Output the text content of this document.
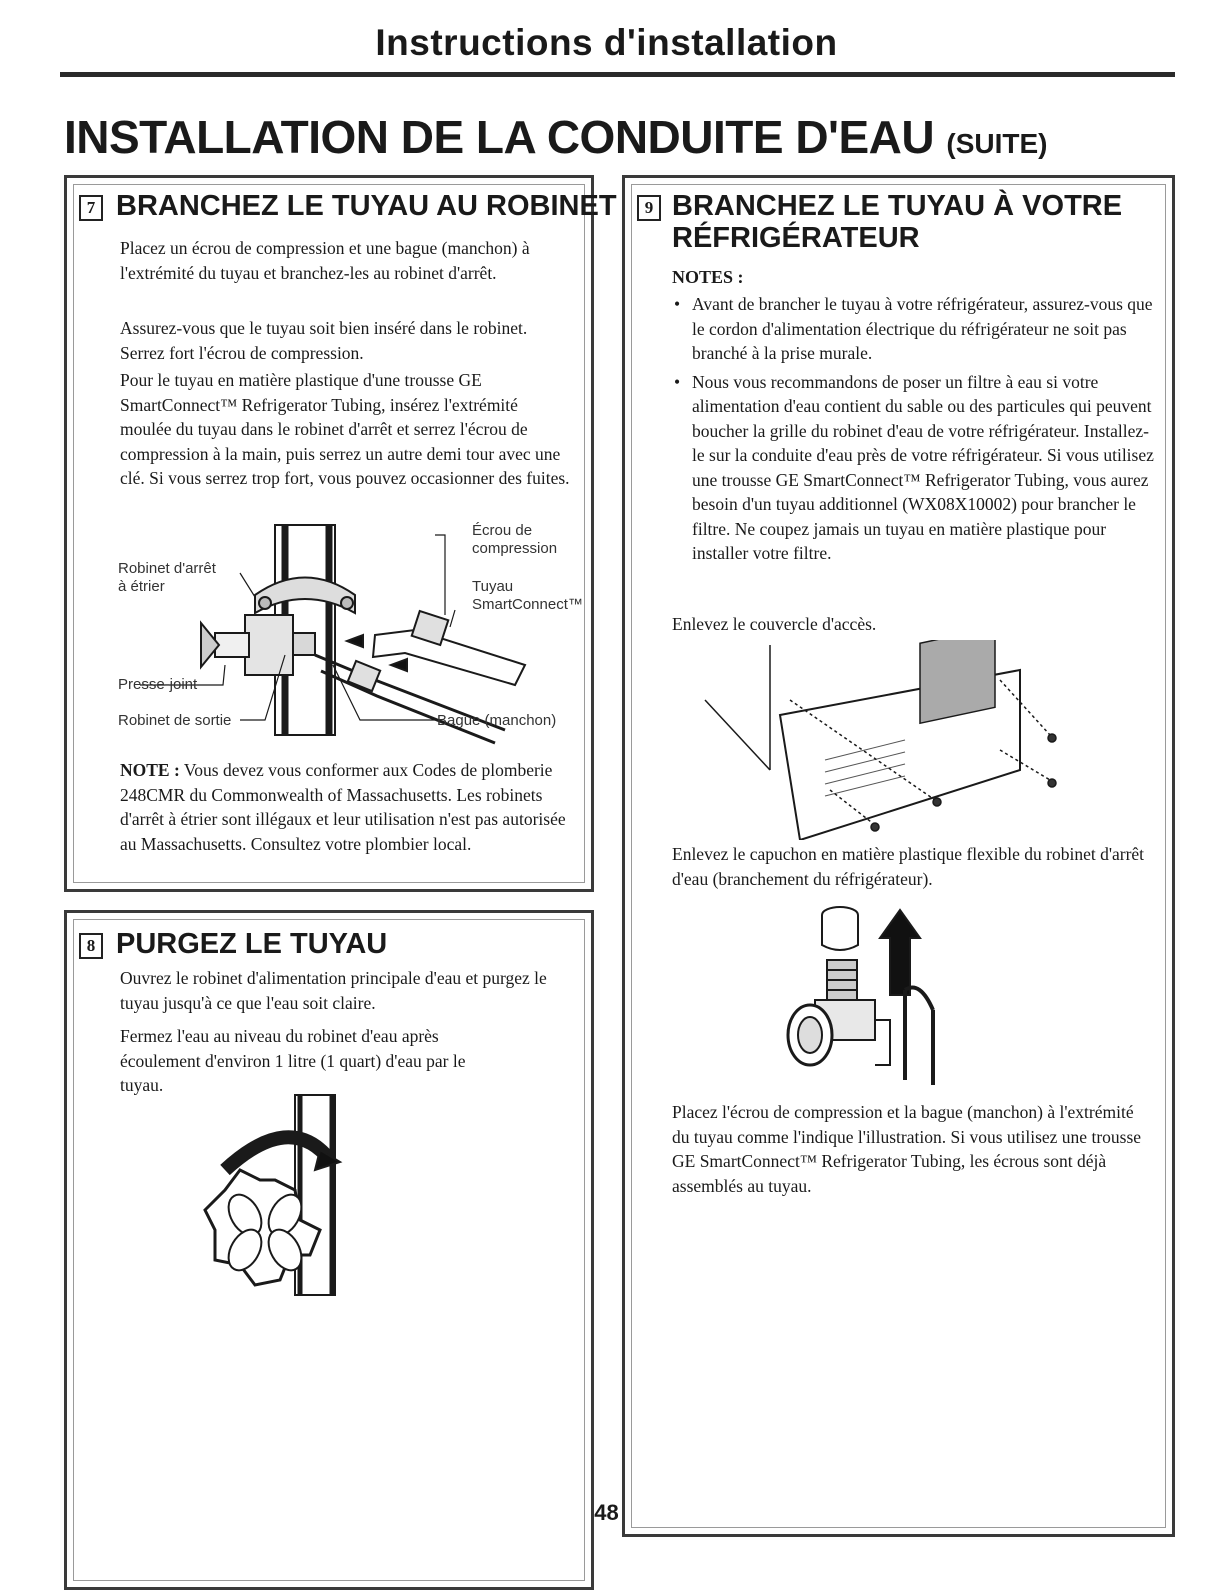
Instructions d'installation
INSTALLATION DE LA CONDUITE D'EAU (SUITE)
7 BRANCHEZ LE TUYAU AU ROBINET

Placez un écrou de compression et une bague (manchon) à l'extrémité du tuyau et branchez-les au robinet d'arrêt.

Assurez-vous que le tuyau soit bien inséré dans le robinet. Serrez fort l'écrou de compression.

Pour le tuyau en matière plastique d'une trousse GE SmartConnect™ Refrigerator Tubing, insérez l'extrémité moulée du tuyau dans le robinet d'arrêt et serrez l'écrou de compression à la main, puis serrez un autre demi tour avec une clé. Si vous serrez trop fort, vous pouvez occasionner des fuites.

Écrou de
compression
Robinet d'arrêt
à étrier	Tuyau
SmartConnect™
Presse-joint
Robinet de sortie	Bague (manchon)

NOTE : Vous devez vous conformer aux Codes de plomberie 248CMR du Commonwealth of Massachusetts. Les robinets d'arrêt à étrier sont illégaux et leur utilisation n'est pas autorisée au Massachusetts. Consultez votre plombier local.

8 PURGEZ LE TUYAU

Ouvrez le robinet d'alimentation principale d'eau et purgez le tuyau jusqu'à ce que l'eau soit claire.

Fermez l'eau au niveau du robinet d'eau après écoulement d'environ 1 litre (1 quart) d'eau par le tuyau.

9 BRANCHEZ LE TUYAU À VOTRE
RÉFRIGÉRATEUR
NOTES :
• Avant de brancher le tuyau à votre réfrigérateur, assurez-vous que le cordon d'alimentation électrique du réfrigérateur ne soit pas branché à la prise murale.
• Nous vous recommandons de poser un filtre à eau si votre alimentation d'eau contient du sable ou des particules qui peuvent boucher la grille du robinet d'eau de votre réfrigérateur. Installez-le sur la conduite d'eau près de votre réfrigérateur. Si vous utilisez une trousse GE SmartConnect™ Refrigerator Tubing, vous aurez besoin d'un tuyau additionnel (WX08X10002) pour brancher le filtre. Ne coupez jamais un tuyau en matière plastique pour installer votre filtre.

Enlevez le couvercle d'accès.

Enlevez le capuchon en matière plastique flexible du robinet d'arrêt d'eau (branchement du réfrigérateur).

Placez l'écrou de compression et la bague (manchon) à l'extrémité du tuyau comme l'indique l'illustration. Si vous utilisez une trousse GE SmartConnect™ Refrigerator Tubing, les écrous sont déjà assemblés au tuyau.

48
